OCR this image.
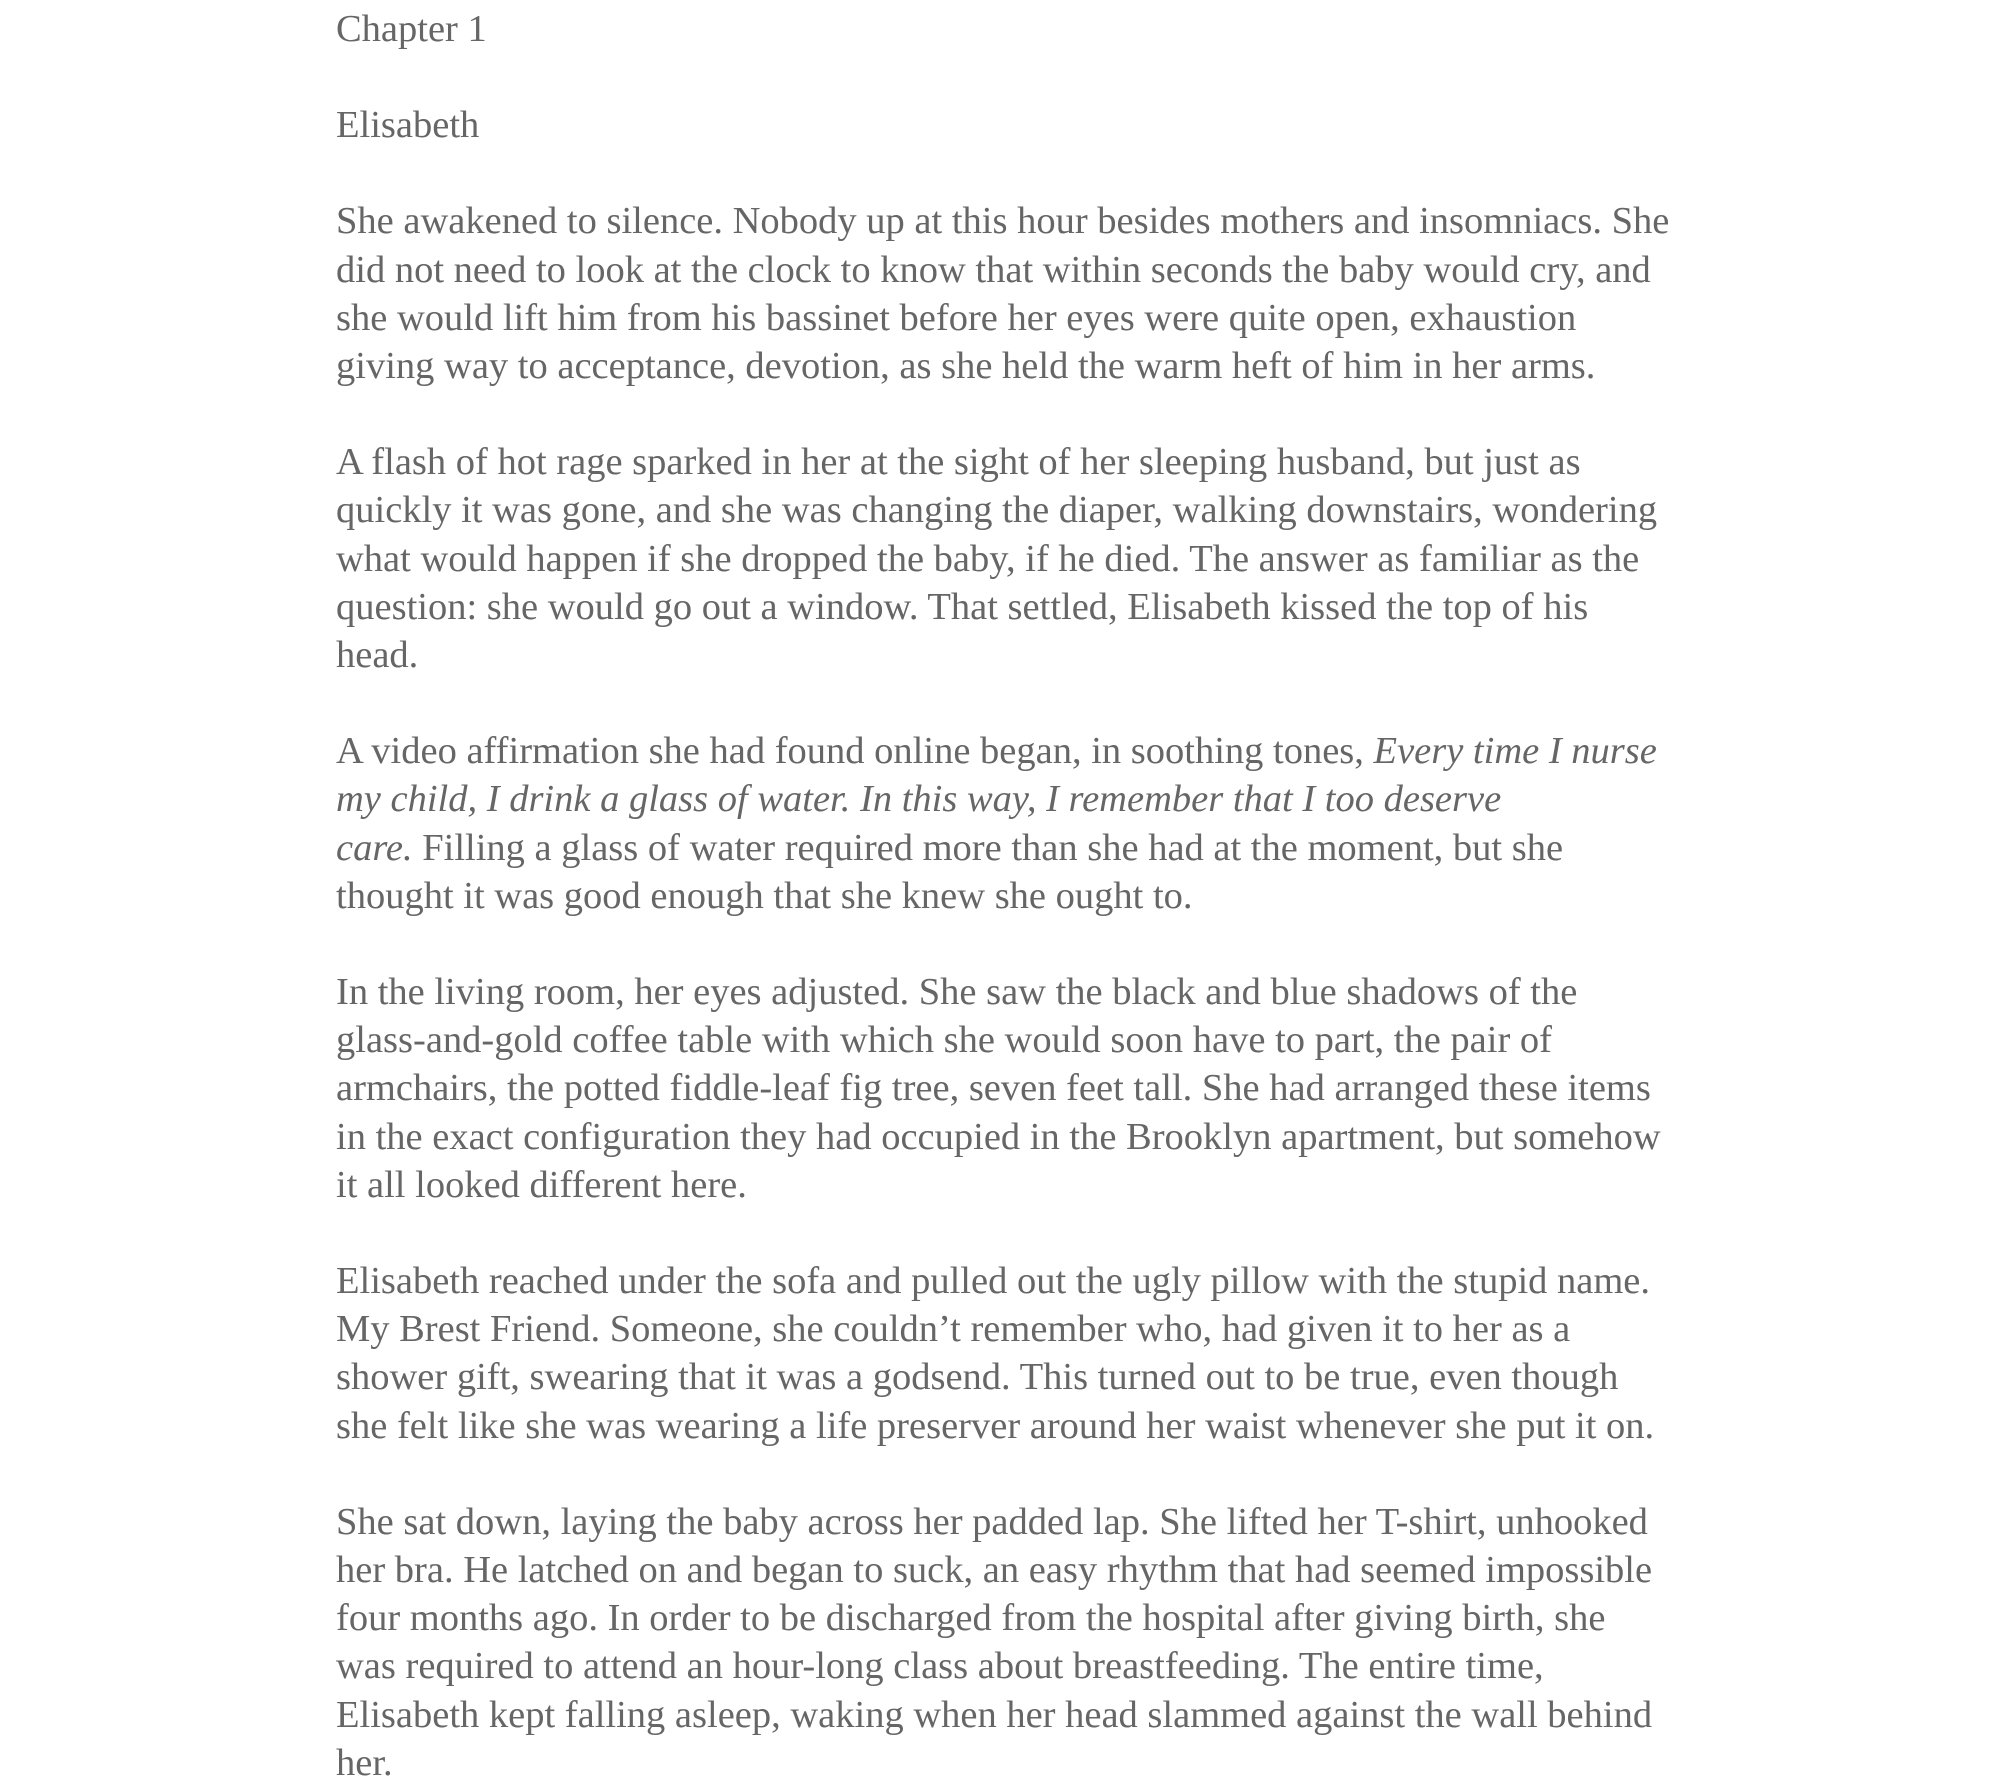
Chapter 1

Elisabeth

She awakened to silence. Nobody up at this hour besides mothers and insomniacs. She
did not need to look at the clock to know that within seconds the baby would cry, and
she would lift him from his bassinet before her eyes were quite open, exhaustion
giving way to acceptance, devotion, as she held the warm heft of him in her arms.

A flash of hot rage sparked in her at the sight of her sleeping husband, but just as
quickly it was gone, and she was changing the diaper, walking downstairs, wondering
what would happen if she dropped the baby, if he died. The answer as familiar as the
question: she would go out a window. That settled, Elisabeth kissed the top of his
head.

A video affirmation she had found online began, in soothing tones, Every time I nurse
my child, I drink a glass of water. In this way, I remember that I too deserve
care. Filling a glass of water required more than she had at the moment, but she
thought it was good enough that she knew she ought to.

In the living room, her eyes adjusted. She saw the black and blue shadows of the
glass-and-gold coffee table with which she would soon have to part, the pair of
armchairs, the potted fiddle-leaf fig tree, seven feet tall. She had arranged these items
in the exact configuration they had occupied in the Brooklyn apartment, but somehow
it all looked different here.

Elisabeth reached under the sofa and pulled out the ugly pillow with the stupid name.
My Brest Friend. Someone, she couldn’t remember who, had given it to her as a
shower gift, swearing that it was a godsend. This turned out to be true, even though
she felt like she was wearing a life preserver around her waist whenever she put it on.

She sat down, laying the baby across her padded lap. She lifted her T-shirt, unhooked
her bra. He latched on and began to suck, an easy rhythm that had seemed impossible
four months ago. In order to be discharged from the hospital after giving birth, she
was required to attend an hour-long class about breastfeeding. The entire time,
Elisabeth kept falling asleep, waking when her head slammed against the wall behind
her.
